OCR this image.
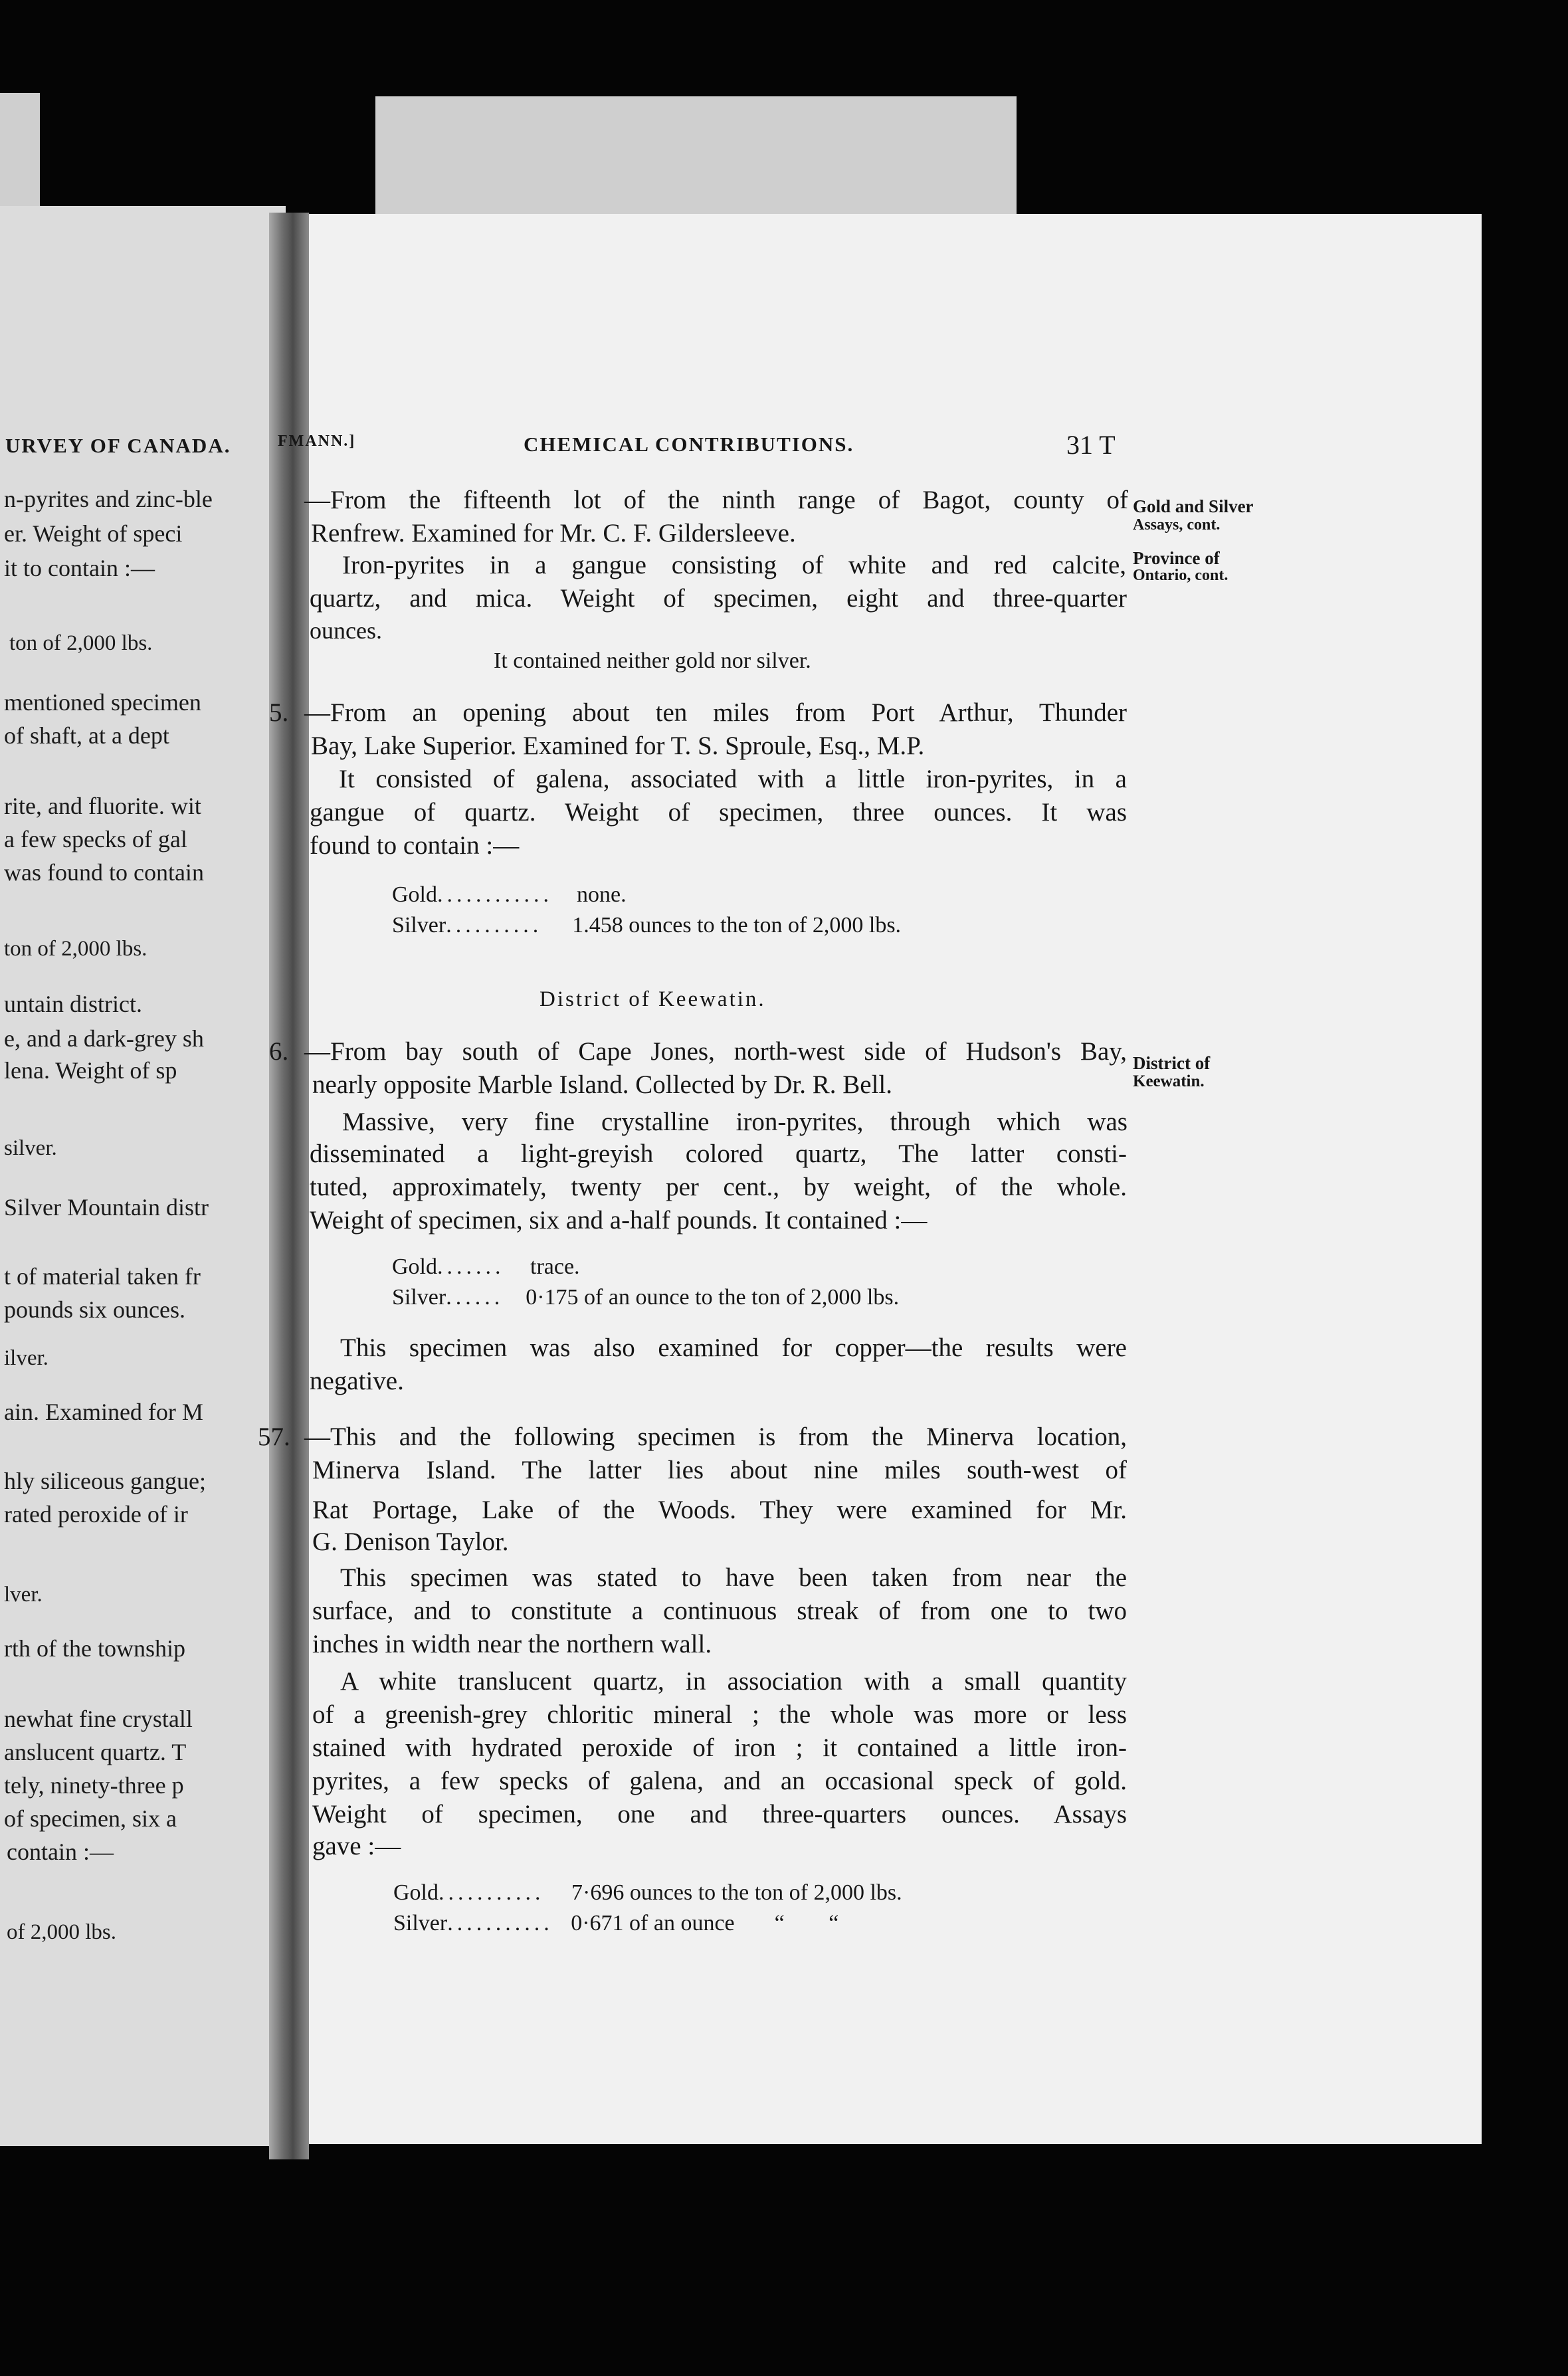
URVEY OF CANADA.
n-pyrites and zinc-ble
er. Weight of speci
it to contain :—
ton of 2,000 lbs.
mentioned specimen
of shaft, at a dept
rite, and fluorite. wit
a few specks of gal
was found to contain
ton of 2,000 lbs.
untain district.
e, and a dark-grey sh
lena. Weight of sp
silver.
Silver Mountain distr
t of material taken fr
pounds six ounces.
ilver.
ain. Examined for M
hly siliceous gangue;
rated peroxide of ir
lver.
rth of the township
newhat fine crystall
anslucent quartz. T
tely, ninety-three p
of specimen, six a
contain :—
of 2,000 lbs.
FMANN.]	CHEMICAL CONTRIBUTIONS.	31 T
Gold and Silver
Assays, cont.
Province of
Ontario, cont.
District of
Keewatin.
—From the fifteenth lot of the ninth range of Bagot, county of
Renfrew. Examined for Mr. C. F. Gildersleeve.
Iron-pyrites in a gangue consisting of white and red calcite,
quartz, and mica. Weight of specimen, eight and three-quarter
ounces.
It contained neither gold nor silver.
5. —From an opening about ten miles from Port Arthur, Thunder
Bay, Lake Superior. Examined for T. S. Sproule, Esq., M.P.
It consisted of galena, associated with a little iron-pyrites, in a
gangue of quartz. Weight of specimen, three ounces. It was
found to contain :—
Gold............ none.
Silver.......... 1.458 ounces to the ton of 2,000 lbs.
District of Keewatin.
6. —From bay south of Cape Jones, north-west side of Hudson's Bay,
nearly opposite Marble Island. Collected by Dr. R. Bell.
Massive, very fine crystalline iron-pyrites, through which was
disseminated a light-greyish colored quartz, The latter consti-
tuted, approximately, twenty per cent., by weight, of the whole.
Weight of specimen, six and a-half pounds. It contained :—
Gold....... trace.
Silver...... 0·175 of an ounce to the ton of 2,000 lbs.
This specimen was also examined for copper—the results were
negative.
57. —This and the following specimen is from the Minerva location,
Minerva Island. The latter lies about nine miles south-west of
Rat Portage, Lake of the Woods. They were examined for Mr.
G. Denison Taylor.
This specimen was stated to have been taken from near the
surface, and to constitute a continuous streak of from one to two
inches in width near the northern wall.
A white translucent quartz, in association with a small quantity
of a greenish-grey chloritic mineral ; the whole was more or less
stained with hydrated peroxide of iron ; it contained a little iron-
pyrites, a few specks of galena, and an occasional speck of gold.
Weight of specimen, one and three-quarters ounces. Assays
gave :—
Gold........... 7·696 ounces to the ton of 2,000 lbs.
Silver........... 0·671 of an ounce “ “
